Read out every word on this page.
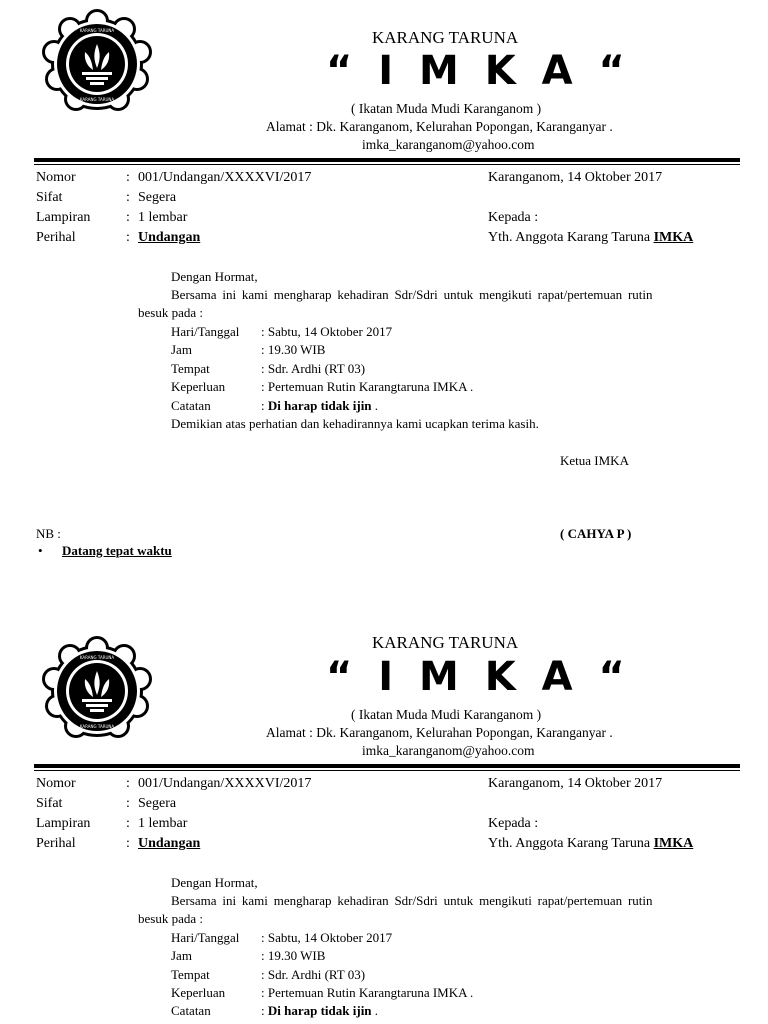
KARANG TARUNA
KARANG TARUNA
KARANG TARUNA
“ I M K A “
( Ikatan Muda Mudi Karanganom )
Alamat : Dk. Karanganom, Kelurahan Popongan, Karanganyar .
imka_karanganom@yahoo.com
Nomor	: 001/Undangan/XXXXVI/2017	Karanganom, 14 Oktober 2017
Sifat	: Segera
Lampiran	: 1 lembar	Kepada :
Perihal	: Undangan	Yth. Anggota Karang Taruna IMKA
Dengan Hormat,
Bersama ini kami mengharap kehadiran Sdr/Sdri untuk mengikuti rapat/pertemuan rutin
besuk pada :
Hari/Tanggal : Sabtu, 14 Oktober 2017
Jam	: 19.30 WIB
Tempat	: Sdr. Ardhi (RT 03)
Keperluan	: Pertemuan Rutin Karangtaruna IMKA .
Catatan	: Di harap tidak ijin .
Demikian atas perhatian dan kehadirannya kami ucapkan terima kasih.
Ketua IMKA
NB :	( CAHYA P )
• Datang tepat waktu
KARANG TARUNA
KARANG TARUNA
KARANG TARUNA
“ I M K A “
( Ikatan Muda Mudi Karanganom )
Alamat : Dk. Karanganom, Kelurahan Popongan, Karanganyar .
imka_karanganom@yahoo.com
Nomor	: 001/Undangan/XXXXVI/2017	Karanganom, 14 Oktober 2017
Sifat	: Segera
Lampiran	: 1 lembar	Kepada :
Perihal	: Undangan	Yth. Anggota Karang Taruna IMKA
Dengan Hormat,
Bersama ini kami mengharap kehadiran Sdr/Sdri untuk mengikuti rapat/pertemuan rutin
besuk pada :
Hari/Tanggal : Sabtu, 14 Oktober 2017
Jam	: 19.30 WIB
Tempat	: Sdr. Ardhi (RT 03)
Keperluan	: Pertemuan Rutin Karangtaruna IMKA .
Catatan	: Di harap tidak ijin .
